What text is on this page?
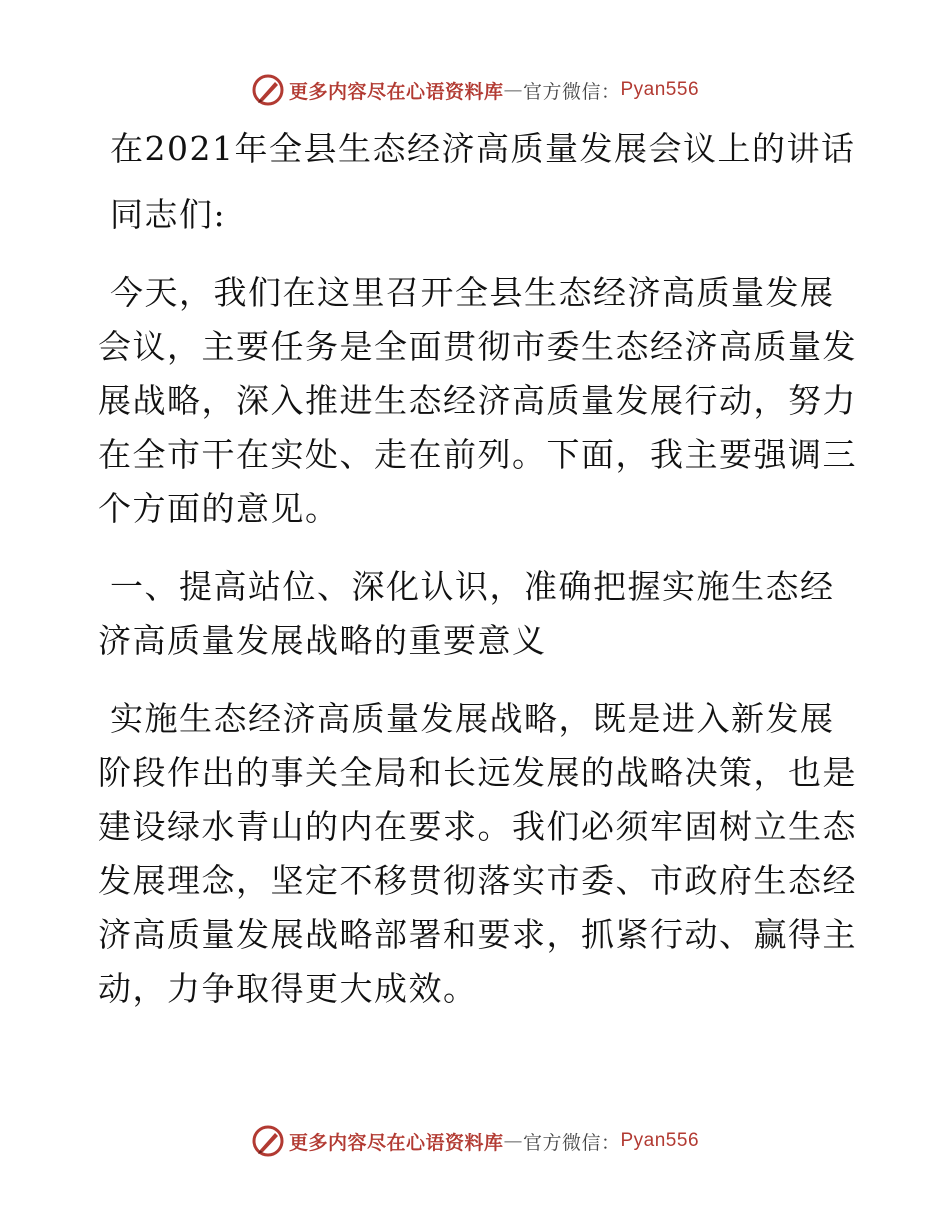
更多内容尽在心语资料库 — 官方微信： Pyan556
在2021年全县生态经济高质量发展会议上的讲话
同志们:
今天，我们在这里召开全县生态经济高质量发展
会议，主要任务是全面贯彻市委生态经济高质量发
展战略，深入推进生态经济高质量发展行动，努力
在全市干在实处、走在前列。下面，我主要强调三
个方面的意见。
一、提高站位、深化认识，准确把握实施生态经
济高质量发展战略的重要意义
实施生态经济高质量发展战略，既是进入新发展
阶段作出的事关全局和长远发展的战略决策，也是
建设绿水青山的内在要求。我们必须牢固树立生态
发展理念，坚定不移贯彻落实市委、市政府生态经
济高质量发展战略部署和要求，抓紧行动、赢得主
动，力争取得更大成效。
更多内容尽在心语资料库 — 官方微信： Pyan556
